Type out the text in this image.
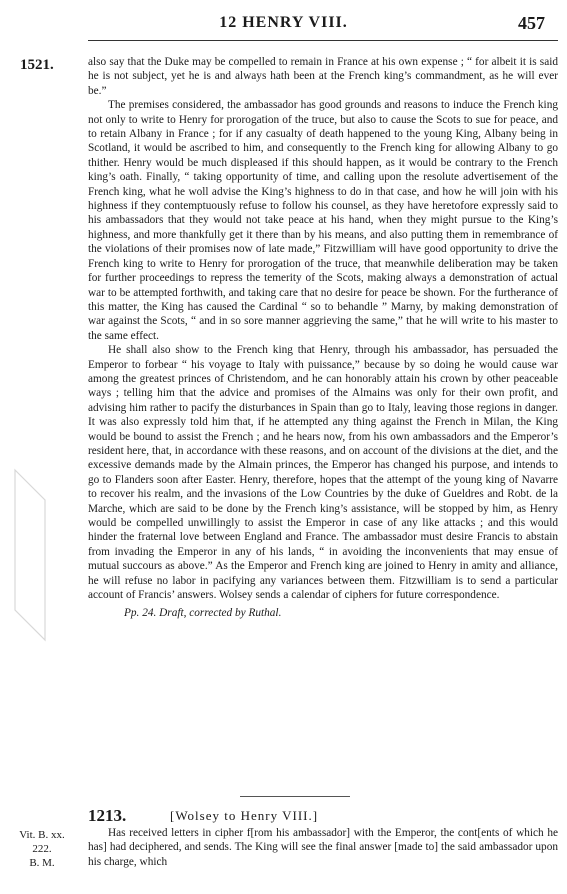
12 HENRY VIII.	457
1521.	also say that the Duke may be compelled to remain in France at his own expense ; “ for albeit it is said he is not subject, yet he is and always hath been at the French king’s commandment, as he will ever be.”

The premises considered, the ambassador has good grounds and reasons to induce the French king not only to write to Henry for prorogation of the truce, but also to cause the Scots to sue for peace, and to retain Albany in France ; for if any casualty of death happened to the young King, Albany being in Scotland, it would be ascribed to him, and consequently to the French king for allowing Albany to go thither. Henry would be much displeased if this should happen, as it would be contrary to the French king’s oath. Finally, “ taking opportunity of time, and calling upon the resolute advertisement of the French king, what he woll advise the King’s highness to do in that case, and how he will join with his highness if they contemptuously refuse to follow his counsel, as they have heretofore expressly said to his ambassadors that they would not take peace at his hand, when they might pursue to the King’s highness, and more thankfully get it there than by his means, and also putting them in remembrance of the violations of their promises now of late made,” Fitzwilliam will have good opportunity to drive the French king to write to Henry for prorogation of the truce, that meanwhile deliberation may be taken for further proceedings to repress the temerity of the Scots, making always a demonstration of actual war to be attempted forthwith, and taking care that no desire for peace be shown. For the furtherance of this matter, the King has caused the Cardinal “ so to behandle ” Marny, by making demonstration of war against the Scots, “ and in so sore manner aggrieving the same,” that he will write to his master to the same effect.

He shall also show to the French king that Henry, through his ambassador, has persuaded the Emperor to forbear “ his voyage to Italy with puissance,” because by so doing he would cause war among the greatest princes of Christendom, and he can honorably attain his crown by other peaceable ways ; telling him that the advice and promises of the Almains was only for their own profit, and advising him rather to pacify the disturbances in Spain than go to Italy, leaving those regions in danger. It was also expressly told him that, if he attempted any thing against the French in Milan, the King would be bound to assist the French ; and he hears now, from his own ambassadors and the Emperor’s resident here, that, in accordance with these reasons, and on account of the divisions at the diet, and the excessive demands made by the Almain princes, the Emperor has changed his purpose, and intends to go to Flanders soon after Easter. Henry, therefore, hopes that the attempt of the young king of Navarre to recover his realm, and the invasions of the Low Countries by the duke of Gueldres and Robt. de la Marche, which are said to be done by the French king’s assistance, will be stopped by him, as Henry would be compelled unwillingly to assist the Emperor in case of any like attacks ; and this would hinder the fraternal love between England and France. The ambassador must desire Francis to abstain from invading the Emperor in any of his lands, “ in avoiding the inconvenients that may ensue of mutual succours as above.” As the Emperor and French king are joined to Henry in amity and alliance, he will refuse no labor in pacifying any variances between them. Fitzwilliam is to send a particular account of Francis’ answers. Wolsey sends a calendar of ciphers for future correspondence.

Pp. 24. Draft, corrected by Ruthal.
1213.	[Wolsey to Henry VIII.]
Vit. B. xx.
222.
B. M.

Has received letters in cipher f[rom his ambassador] with the Emperor, the cont[ents of which he has] had deciphered, and sends. The King will see the final answer [made to] the said ambassador upon his charge, which
